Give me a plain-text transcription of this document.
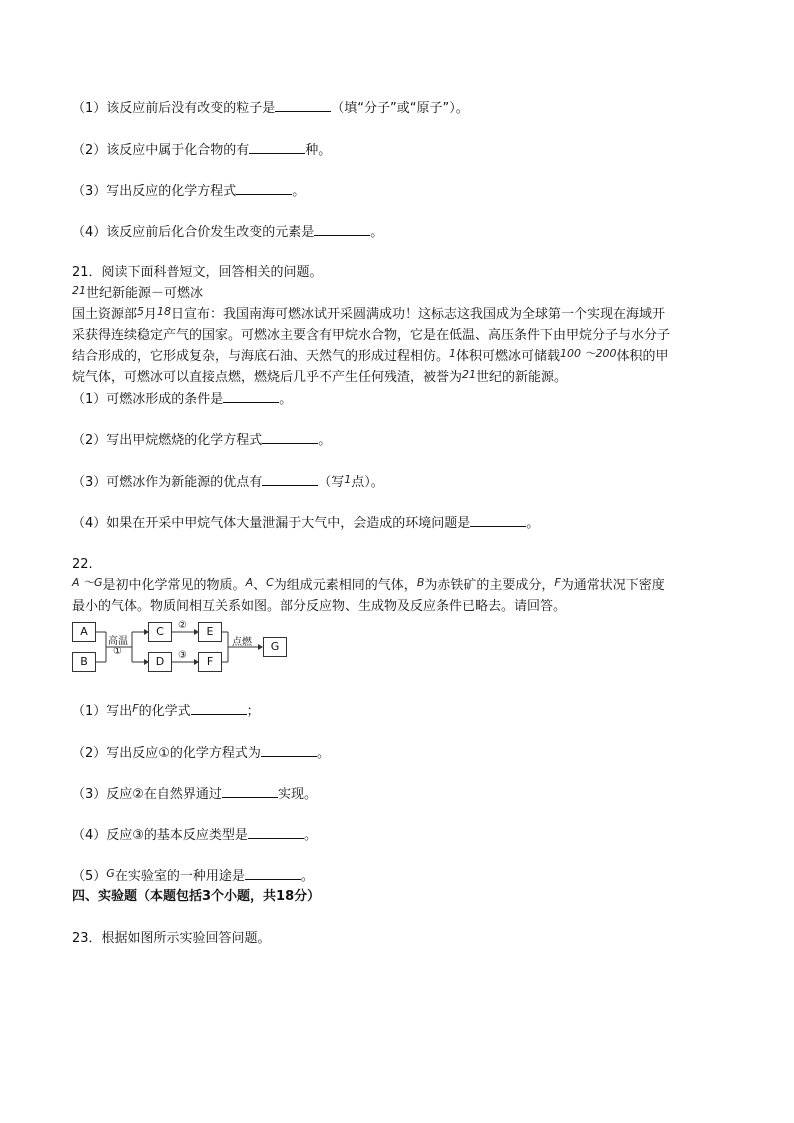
（1）该反应前后没有改变的粒子是	（填“分子”或“原子”）。
（2）该反应中属于化合物的有	种。
（3）写出反应的化学方程式	。
（4）该反应前后化合价发生改变的元素是	。
21．阅读下面科普短文，回答相关的问题。
$^{21}$世纪新能源－可燃冰
国土资源部$^5$月$^{18}$日宣布：我国南海可燃冰试开采圆满成功！这标志这我国成为全球第一个实现在海域开
采获得连续稳定产气的国家。可燃冰主要含有甲烷水合物，它是在低温、高压条件下由甲烷分子与水分子
结合形成的，它形成复杂，与海底石油、天然气的形成过程相仿。$^1$体积可燃冰可储载$^{100 \sim 200}$体积的甲
烷气体，可燃冰可以直接点燃，燃烧后几乎不产生任何残渣，被誉为$^{21}$世纪的新能源。
（1）可燃冰形成的条件是	。
（2）写出甲烷燃烧的化学方程式	。
（3）可燃冰作为新能源的优点有	（写$^1$点）。
（4）如果在开采中甲烷气体大量泄漏于大气中，会造成的环境问题是	。
22.
$^{A \sim G}$是初中化学常见的物质。$^A$、$^C$为组成元素相同的气体，$^B$为赤铁矿的主要成分，$^F$为通常状况下密度
最小的气体。物质间相互关系如图。部分反应物、生成物及反应条件已略去。请回答。
A
B
C
D
E
F
G
高温
①
②
③
点燃
（1）写出$^F$的化学式	；
（2）写出反应①的化学方程式为	。
（3）反应②在自然界通过	实现。
（4）反应③的基本反应类型是	。
$(5)^G$在实验室的一种用途是	。
四、实验题（本题包括3个小题，共18分）
23．根据如图所示实验回答问题。
